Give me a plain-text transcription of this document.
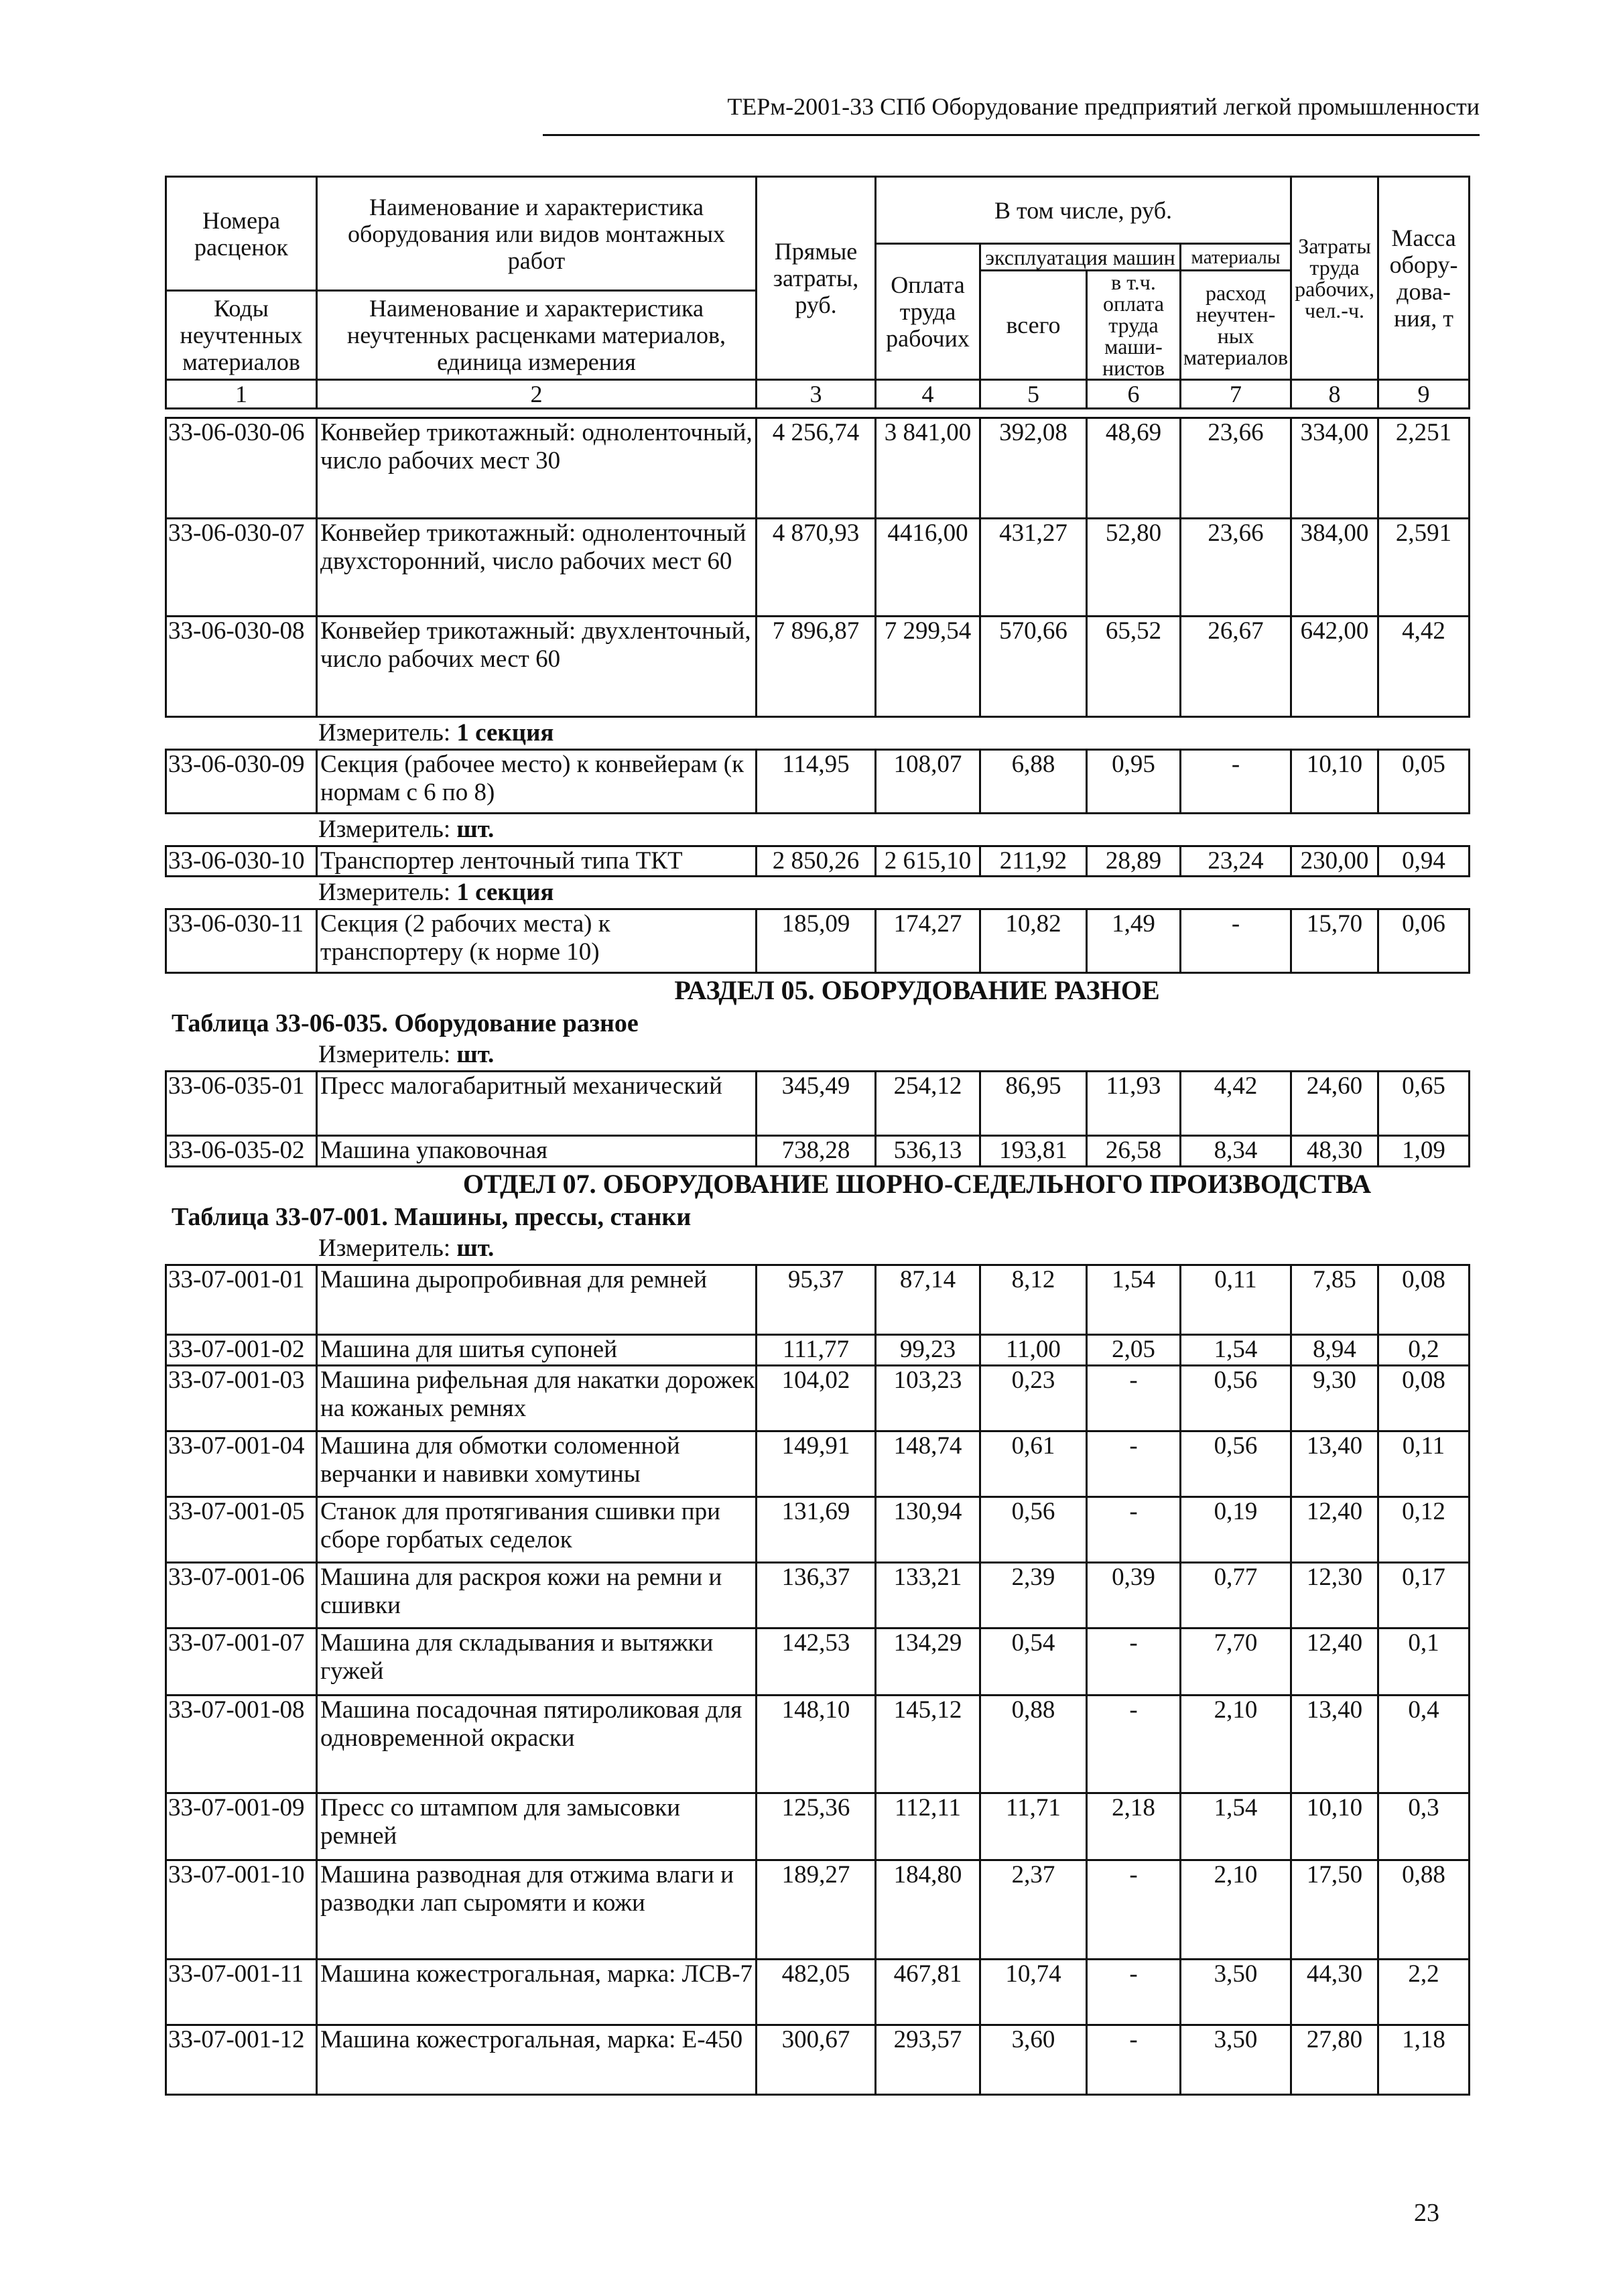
ТЕРм-2001-33 СПб Оборудование предприятий легкой промышленности
Номера расценок	Наименование и характеристика оборудования или видов монтажных работ	Прямые затраты, руб.	В том числе, руб.				Затраты труда рабочих, чел.-ч.	Масса обору-дова-ния, т
			Оплата труда рабочих	эксплуатация машин		материалы		
				всего	в т.ч. оплата труда маши-нистов	расход неучтен-ных материалов		

Коды неучтенных материалов	Наименование и характеристика неучтенных расценками материалов, единица измерения							

1	2	3	4	5	6	7	8	9
33-06-030-06	Конвейер трикотажный: одноленточный, число рабочих мест 30	4 256,74	3 841,00	392,08	48,69	23,66	334,00	2,251
33-06-030-07	Конвейер трикотажный: одноленточный двухсторонний, число рабочих мест 60	4 870,93	4416,00	431,27	52,80	23,66	384,00	2,591
33-06-030-08	Конвейер трикотажный: двухленточный, число рабочих мест 60	7 896,87	7 299,54	570,66	65,52	26,67	642,00	4,42
Измеритель: 1 секция
33-06-030-09	Секция (рабочее место) к конвейерам (к нормам с 6 по 8)	114,95	108,07	6,88	0,95	-	10,10	0,05
Измеритель: шт.
33-06-030-10	Транспортер ленточный типа ТКТ	2 850,26	2 615,10	211,92	28,89	23,24	230,00	0,94
Измеритель: 1 секция
33-06-030-11	Секция (2 рабочих места) к транспортеру (к норме 10)	185,09	174,27	10,82	1,49	-	15,70	0,06
РАЗДЕЛ 05. ОБОРУДОВАНИЕ РАЗНОЕ
Таблица 33-06-035. Оборудование разное
Измеритель: шт.
33-06-035-01	Пресс малогабаритный механический	345,49	254,12	86,95	11,93	4,42	24,60	0,65
33-06-035-02	Машина упаковочная	738,28	536,13	193,81	26,58	8,34	48,30	1,09
ОТДЕЛ 07. ОБОРУДОВАНИЕ ШОРНО-СЕДЕЛЬНОГО ПРОИЗВОДСТВА
Таблица 33-07-001. Машины, прессы, станки
Измеритель: шт.
33-07-001-01	Машина дыропробивная для ремней	95,37	87,14	8,12	1,54	0,11	7,85	0,08
33-07-001-02	Машина для шитья супоней	111,77	99,23	11,00	2,05	1,54	8,94	0,2
33-07-001-03	Машина рифельная для накатки дорожек на кожаных ремнях	104,02	103,23	0,23	-	0,56	9,30	0,08
33-07-001-04	Машина для обмотки соломенной верчанки и навивки хомутины	149,91	148,74	0,61	-	0,56	13,40	0,11
33-07-001-05	Станок для протягивания сшивки при сборе горбатых седелок	131,69	130,94	0,56	-	0,19	12,40	0,12
33-07-001-06	Машина для раскроя кожи на ремни и сшивки	136,37	133,21	2,39	0,39	0,77	12,30	0,17
33-07-001-07	Машина для складывания и вытяжки гужей	142,53	134,29	0,54	-	7,70	12,40	0,1
33-07-001-08	Машина посадочная пятироликовая для одновременной окраски	148,10	145,12	0,88	-	2,10	13,40	0,4
33-07-001-09	Пресс со штампом для замысовки ремней	125,36	112,11	11,71	2,18	1,54	10,10	0,3
33-07-001-10	Машина разводная для отжима влаги и разводки лап сыромяти и кожи	189,27	184,80	2,37	-	2,10	17,50	0,88
33-07-001-11	Машина кожестрогальная, марка: ЛСВ-7	482,05	467,81	10,74	-	3,50	44,30	2,2
33-07-001-12	Машина кожестрогальная, марка: Е-450	300,67	293,57	3,60	-	3,50	27,80	1,18
23
